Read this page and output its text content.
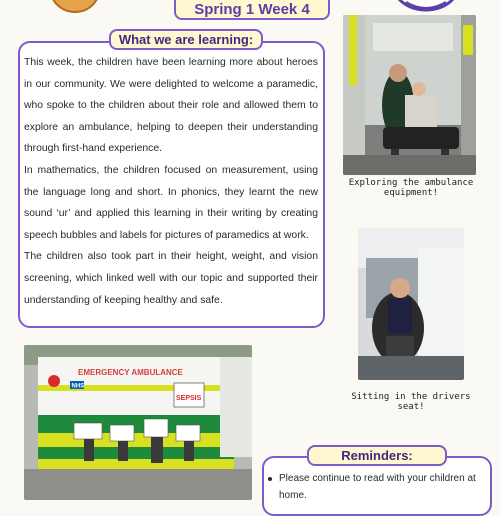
Spring 1 Week 4
What we are learning:

This week, the children have been learning more about heroes in our community. We were delighted to welcome a paramedic, who spoke to the children about their role and allowed them to explore an ambulance, helping to deepen their understanding through first-hand experience.

In mathematics, the children focused on measurement, using the language long and short. In phonics, they learnt the new sound ‘ur’ and applied this learning in their writing by creating speech bubbles and labels for pictures of paramedics at work.

The children also took part in their height, weight, and vision screening, which linked well with our topic and supported their understanding of keeping healthy and safe.

Exploring the ambulance equipment!
Sitting in the drivers seat!
EMERGENCY AMBULANCE
NHS
SEPSIS
Reminders:
Please continue to read with your children at home.
